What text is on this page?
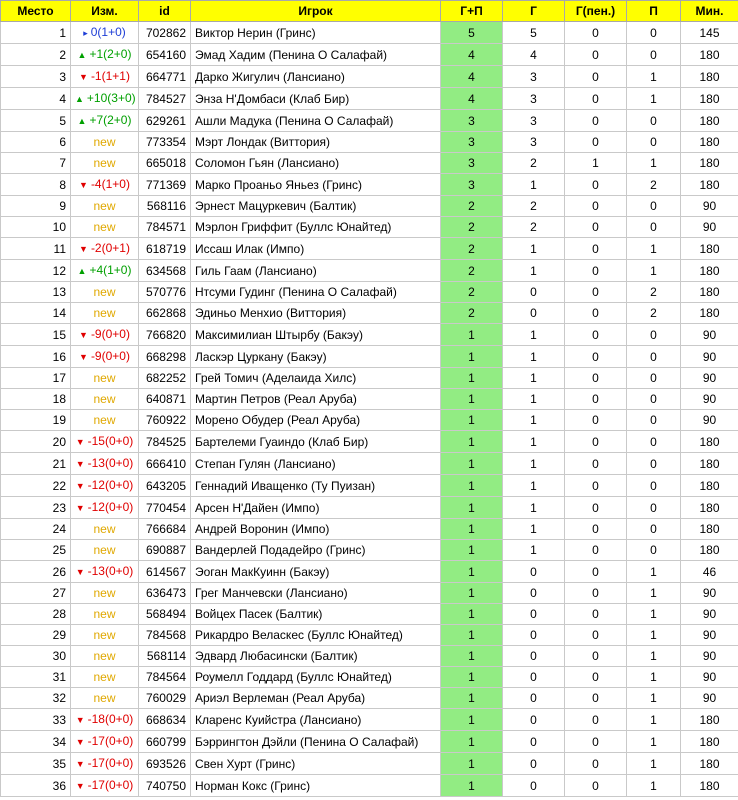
Место	Изм.	id	Игрок	Г+П	Г	Г(пен.)	П	Мин.
1	▸ 0(1+0)	702862	Виктор Нерин (Гринс)	5	5	0	0	145
2	▲ +1(2+0)	654160	Эмад Хадим (Пенина О Салафай)	4	4	0	0	180
3	▼ -1(1+1)	664771	Дарко Жигулич (Лансиано)	4	3	0	1	180
4	▲ +10(3+0)	784527	Энза Н'Домбаси (Клаб Бир)	4	3	0	1	180
5	▲ +7(2+0)	629261	Ашли Мадука (Пенина О Салафай)	3	3	0	0	180
6	new	773354	Мэрт Лондак (Виттория)	3	3	0	0	180
7	new	665018	Соломон Гьян (Лансиано)	3	2	1	1	180
8	▼ -4(1+0)	771369	Марко Проаньо Яньез (Гринс)	3	1	0	2	180
9	new	568116	Эрнест Мацуркевич (Балтик)	2	2	0	0	90
10	new	784571	Мэрлон Гриффит (Буллс Юнайтед)	2	2	0	0	90
11	▼ -2(0+1)	618719	Иссаш Илак (Импо)	2	1	0	1	180
12	▲ +4(1+0)	634568	Гиль Гаам (Лансиано)	2	1	0	1	180
13	new	570776	Нтсуми Гудинг (Пенина О Салафай)	2	0	0	2	180
14	new	662868	Эдиньо Менхио (Виттория)	2	0	0	2	180
15	▼ -9(0+0)	766820	Максимилиан Штырбу (Бакэу)	1	1	0	0	90
16	▼ -9(0+0)	668298	Ласкэр Цуркану (Бакэу)	1	1	0	0	90
17	new	682252	Грей Томич (Аделаида Хилс)	1	1	0	0	90
18	new	640871	Мартин Петров (Реал Аруба)	1	1	0	0	90
19	new	760922	Морено Обудер (Реал Аруба)	1	1	0	0	90
20	▼ -15(0+0)	784525	Бартелеми Гуаиндо (Клаб Бир)	1	1	0	0	180
21	▼ -13(0+0)	666410	Степан Гулян (Лансиано)	1	1	0	0	180
22	▼ -12(0+0)	643205	Геннадий Иващенко (Ту Пуизан)	1	1	0	0	180
23	▼ -12(0+0)	770454	Арсен Н'Дайен (Импо)	1	1	0	0	180
24	new	766684	Андрей Воронин (Импо)	1	1	0	0	180
25	new	690887	Вандерлей Подадейро (Гринс)	1	1	0	0	180
26	▼ -13(0+0)	614567	Эоган МакКуинн (Бакэу)	1	0	0	1	46
27	new	636473	Грег Манчевски (Лансиано)	1	0	0	1	90
28	new	568494	Войцех Пасек (Балтик)	1	0	0	1	90
29	new	784568	Рикардро Веласкес (Буллс Юнайтед)	1	0	0	1	90
30	new	568114	Эдвард Любасински (Балтик)	1	0	0	1	90
31	new	784564	Роумелл Годдард (Буллс Юнайтед)	1	0	0	1	90
32	new	760029	Ариэл Верлеман (Реал Аруба)	1	0	0	1	90
33	▼ -18(0+0)	668634	Кларенс Куийстра (Лансиано)	1	0	0	1	180
34	▼ -17(0+0)	660799	Бэррингтон Дэйли (Пенина О Салафай)	1	0	0	1	180
35	▼ -17(0+0)	693526	Свен Хурт (Гринс)	1	0	0	1	180
36	▼ -17(0+0)	740750	Норман Кокс (Гринс)	1	0	0	1	180
